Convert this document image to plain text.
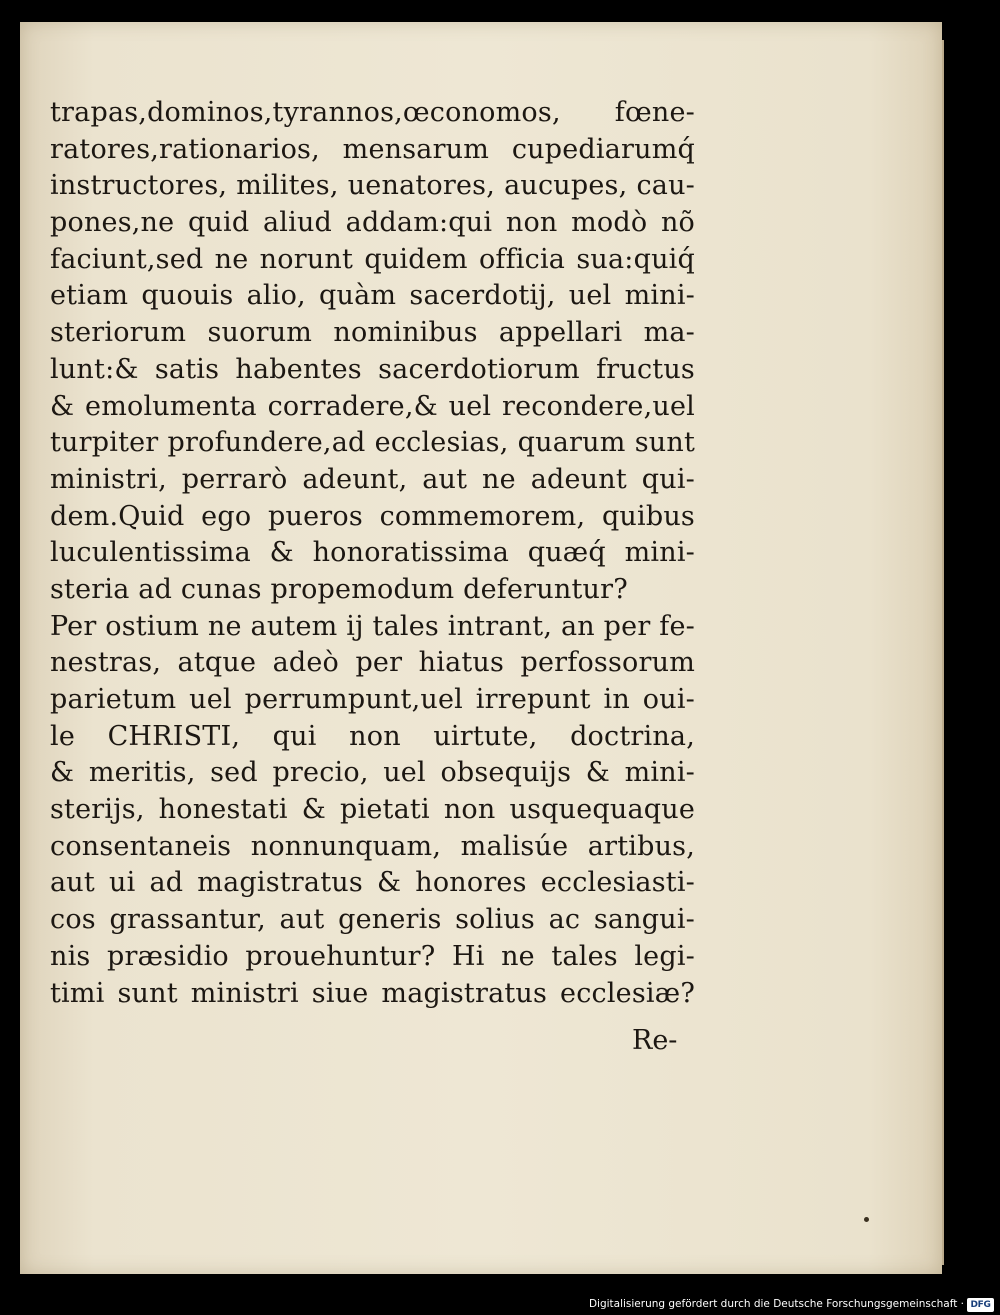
trapas,dominos,tyrannos,œconomos, fœne-
ratores,rationarios, mensarum cupediarumq́
instructores, milites, uenatores, aucupes, cau-
pones,ne quid aliud addam:qui non modò nõ
faciunt,sed ne norunt quidem officia sua:quiq́
etiam quouis alio, quàm sacerdotij, uel mini-
steriorum suorum nominibus appellari ma-
lunt:& satis habentes sacerdotiorum fructus
& emolumenta corradere,& uel recondere,uel
turpiter profundere,ad ecclesias, quarum sunt
ministri, perrarò adeunt, aut ne adeunt qui-
dem.Quid ego pueros commemorem, quibus
luculentissima & honoratissima quæq́ mini-
steria ad cunas propemodum deferuntur?
Per ostium ne autem ij tales intrant, an per fe-
nestras, atque adeò per hiatus perfossorum
parietum uel perrumpunt,uel irrepunt in oui-
le CHRISTI, qui non uirtute, doctrina,
& meritis, sed precio, uel obsequijs & mini-
sterijs, honestati & pietati non usquequaque
consentaneis nonnunquam, malisúe artibus,
aut ui ad magistratus & honores ecclesiasti-
cos grassantur, aut generis solius ac sangui-
nis præsidio prouehuntur? Hi ne tales legi-
timi sunt ministri siue magistratus ecclesiæ?
Re-
Digitalisierung gefördert durch die Deutsche Forschungsgemeinschaft · DFG
